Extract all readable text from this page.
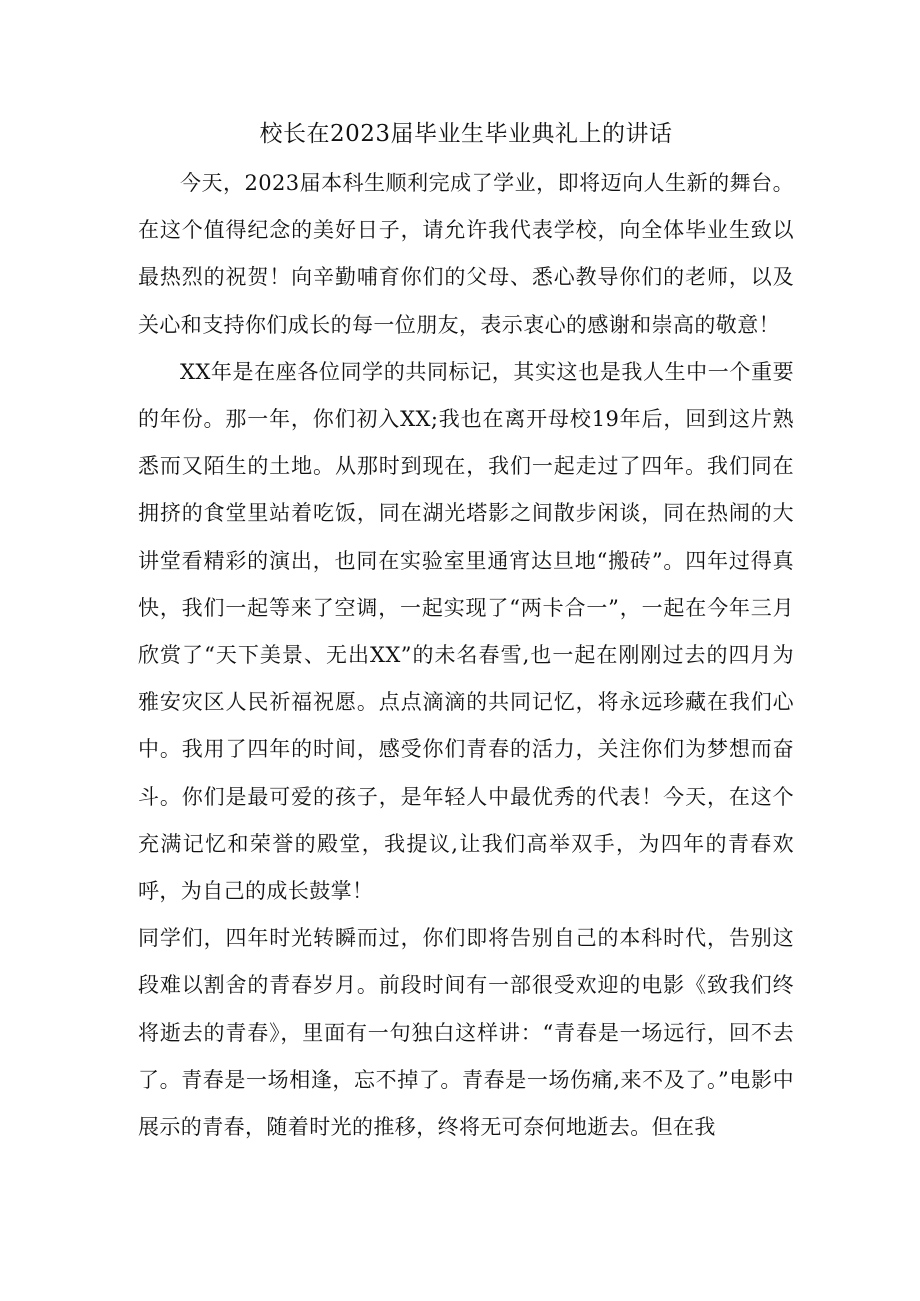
校长在2023届毕业生毕业典礼上的讲话

今天，2023届本科生顺利完成了学业，即将迈向人生新的舞台。在这个值得纪念的美好日子，请允许我代表学校，向全体毕业生致以最热烈的祝贺！向辛勤哺育你们的父母、悉心教导你们的老师，以及关心和支持你们成长的每一位朋友，表示衷心的感谢和崇高的敬意！

XX年是在座各位同学的共同标记，其实这也是我人生中一个重要的年份。那一年，你们初入XX;我也在离开母校19年后，回到这片熟悉而又陌生的土地。从那时到现在，我们一起走过了四年。我们同在拥挤的食堂里站着吃饭，同在湖光塔影之间散步闲谈，同在热闹的大讲堂看精彩的演出，也同在实验室里通宵达旦地“搬砖”。四年过得真快，我们一起等来了空调，一起实现了“两卡合一”，一起在今年三月欣赏了“天下美景、无出XX”的未名春雪,也一起在刚刚过去的四月为雅安灾区人民祈福祝愿。点点滴滴的共同记忆，将永远珍藏在我们心中。我用了四年的时间，感受你们青春的活力，关注你们为梦想而奋斗。你们是最可爱的孩子，是年轻人中最优秀的代表！今天，在这个充满记忆和荣誉的殿堂，我提议,让我们高举双手，为四年的青春欢呼，为自己的成长鼓掌！

同学们，四年时光转瞬而过，你们即将告别自己的本科时代，告别这段难以割舍的青春岁月。前段时间有一部很受欢迎的电影《致我们终将逝去的青春》，里面有一句独白这样讲：“青春是一场远行，回不去了。青春是一场相逢，忘不掉了。青春是一场伤痛,来不及了。”电影中展示的青春，随着时光的推移，终将无可奈何地逝去。但在我
